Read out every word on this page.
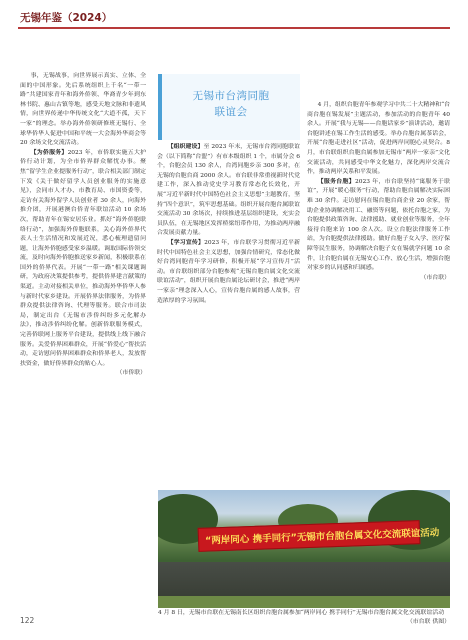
无锡年鉴（2024）

事，无锡战事，向世界展示真实、立体、全面的中国形象。先后系统组织上千名“一带一路”共建国家青年和海外侨领、华裔青少年到东林书院、惠山古镇等地，感受天地文脉和非遗风情，向世界传递中华传统文化“大道不孤，天下一家”的理念。举办海外侨领研修班无锡行、全球华侨华人促进中国和平统一大会海外华商会等 20 余场文化交流活动。

【为侨服务】2023 年，市侨联实施五大护侨行动计划，为全市侨界群众解忧办事。聚焦“留学生企业提服务行动”，联合相关部门制定下发《关于做好留学人员创业服务的实施意见》，会同市人才办、市教育局、市国资委等，走访有关海外留学人员创业者 30 余人，向海外推介团，开展港澳台侨青年联谊活动 10 余场次，帮助青年在锡安居乐业。抓好“海外侨胞联络行动”，加强海外侨胞联系，关心海外侨界代表人士生活情况和发展近况，悉心梳理遗留问题，让海外侨胞感受家乡温暖。调取国际侨领交流，及时向海外侨胞推送家乡新闻，积极联系在国外的侨界代表。开展“一带一路”相关课题调研，为政府决策提供参考，提供侨界建言献策的渠道。主动对接相关单位，推动海外华侨华人参与新时代家乡建设。开展侨界法律服务，为侨界群众提供法律咨询、代理等服务。联合市司法局，制定出台《无锡市涉侨纠纷多元化解办法》，推动涉侨纠纷化解。创新侨联服务模式，完善侨联网上服务平台建设，提供线上线下融合服务。关爱侨界困难群众，开展“侨爱心”帮扶活动，走访慰问侨界困难群众和侨界老人，发放帮扶资金，做好侨界群众的贴心人。

（市侨联）
无锡市台湾同胞
联谊会

【组织建设】至 2023 年末，无锡市台湾同胞联谊会（以下简称“台盟”）有市本级组织 1 个，市属分会 6 个，台胞会员 130 余人，台湾同胞乡亲 300 多对，在无锡的台胞台商 2000 余人。市台联非常重视新时代党建工作，深入推动党史学习教育常态化长效化，开展“习近平新时代中国特色社会主义思想”主题教育，坚持“四个意识”，筑牢思想基础。组织开展台胞台属联谊交流活动 30 余场次，持续推进基层组织建设，充实会员队伍，在无锡地区发挥桥梁纽带作用，为推动两岸融合发展贡献力量。

【学习宣传】2023 年，市台联学习贯彻习近平新时代中国特色社会主义思想，加强台情研究，常态化做好台湾同胞青年学习研修，积极开展“学习宣传月”活动。市台联组织部分台胞参观“无锡台胞台属文化交流联谊活动”，组织开展台胞台属论坛研讨会，推进“两岸一家亲”理念深入人心，宣传台胞台属的感人故事，营造浓厚的学习氛围。

4 月，组织台胞青年参观学习中共二十大精神和“台商台胞在锡发展”主题活动，参加活动的台胞青年 40 余人。开展“我与无锡——台胞话家乡”演讲活动，邀请台胞讲述在锡工作生活的感受。举办台胞台属茶话会，开展“台胞走进社区”活动，促进两岸同胞心灵契合。8 月，市台联组织台胞台属参加无锡市“两岸一家亲”文化交流活动，共同感受中华文化魅力，深化两岸交流合作，推动两岸关系和平发展。

【服务台胞】2023 年，市台联坚持“寓服务于联谊”，开展“暖心服务”行动，帮助台胞台属解决实际困难 30 余件。走访慰问在锡台胞台商企业 20 余家，帮助企业协调解决用工、融资等问题，依托台胞之家，为台胞提供政策咨询、法律援助、就业创业等服务，全年接待台胞来访 100 余人次。设立台胞法律服务工作站，为台胞提供法律援助。做好台胞子女入学、医疗保障等民生服务，协调解决台胞子女在锡就学问题 10 余件，让台胞台属在无锡安心工作、放心生活，增强台胞对家乡的认同感和归属感。

（市台联）
“两岸同心 携手同行”无锡市台胞台属文化交流联谊活动
4 月 8 日，无锡市台联在无锡南长区组织台胞台属参加“两岸同心 携手同行”无锡市台胞台属文化交流联谊活动
（市台联 供图）
122
